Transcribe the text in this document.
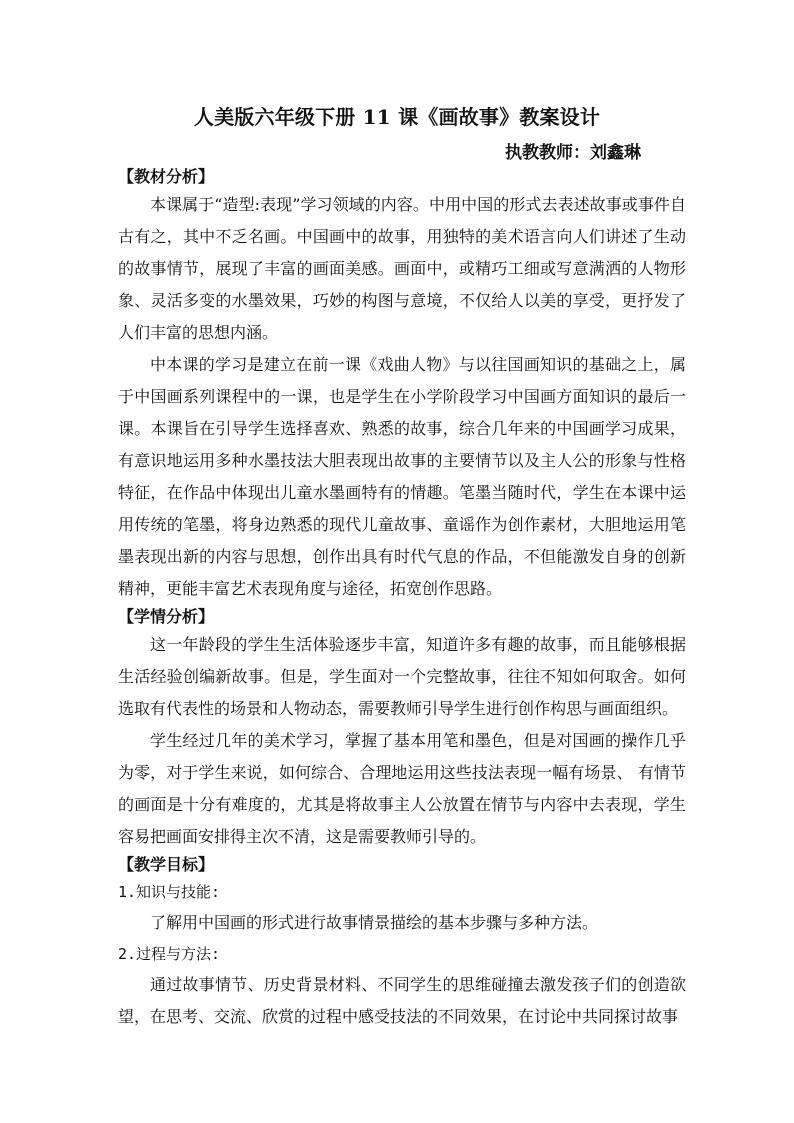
人美版六年级下册 11 课《画故事》教案设计
执教教师：刘鑫琳
【教材分析】

本课属于“造型:表现”学习领域的内容。中用中国的形式去表述故事或事件自古有之，其中不乏名画。中国画中的故事，用独特的美术语言向人们讲述了生动的故事情节，展现了丰富的画面美感。画面中，或精巧工细或写意满洒的人物形象、灵活多变的水墨效果，巧妙的构图与意境，不仅给人以美的享受，更抒发了人们丰富的思想内涵。

中本课的学习是建立在前一课《戏曲人物》与以往国画知识的基础之上，属于中国画系列课程中的一课，也是学生在小学阶段学习中国画方面知识的最后一课。本课旨在引导学生选择喜欢、熟悉的故事，综合几年来的中国画学习成果，有意识地运用多种水墨技法大胆表现出故事的主要情节以及主人公的形象与性格特征，在作品中体现出儿童水墨画特有的情趣。笔墨当随时代，学生在本课中运用传统的笔墨，将身边熟悉的现代儿童故事、童谣作为创作素材，大胆地运用笔墨表现出新的内容与思想，创作出具有时代气息的作品，不但能激发自身的创新精神，更能丰富艺术表现角度与途径，拓宽创作思路。

【学情分析】

这一年龄段的学生生活体验逐步丰富，知道许多有趣的故事，而且能够根据生活经验创编新故事。但是，学生面对一个完整故事，往往不知如何取舍。如何选取有代表性的场景和人物动态，需要教师引导学生进行创作构思与画面组织。

学生经过几年的美术学习，掌握了基本用笔和墨色，但是对国画的操作几乎为零，对于学生来说，如何综合、合理地运用这些技法表现一幅有场景、 有情节的画面是十分有难度的，尤其是将故事主人公放置在情节与内容中去表现，学生容易把画面安排得主次不清，这是需要教师引导的。

【教学目标】
1.知识与技能:

了解用中国画的形式进行故事情景描绘的基本步骤与多种方法。

2.过程与方法:

通过故事情节、历史背景材料、不同学生的思维碰撞去激发孩子们的创造欲望，在思考、交流、欣赏的过程中感受技法的不同效果，在讨论中共同探讨故事
